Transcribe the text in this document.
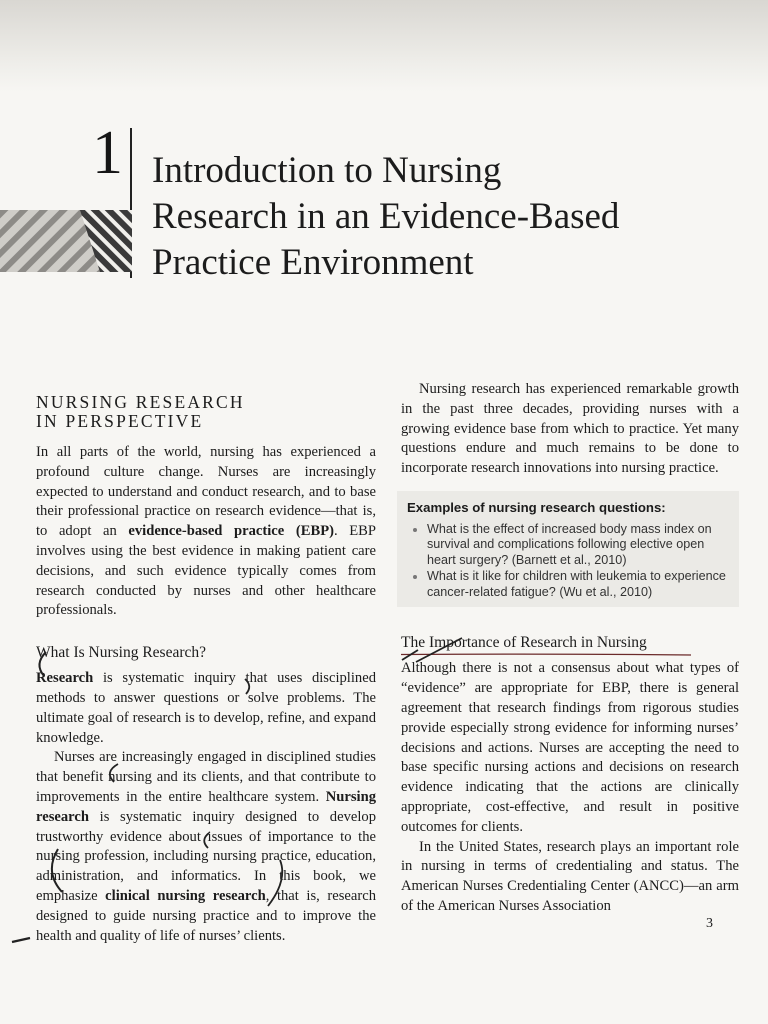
1 Introduction to Nursing
Research in an Evidence-Based
Practice Environment
NURSING RESEARCH
IN PERSPECTIVE

In all parts of the world, nursing has experienced a profound culture change. Nurses are increasingly expected to understand and conduct research, and to base their professional practice on research evidence—that is, to adopt an evidence-based practice (EBP). EBP involves using the best evidence in making patient care decisions, and such evidence typically comes from research conducted by nurses and other healthcare professionals.

What Is Nursing Research?

Research is systematic inquiry that uses disciplined methods to answer questions or solve problems. The ultimate goal of research is to develop, refine, and expand knowledge.

Nurses are increasingly engaged in disciplined studies that benefit nursing and its clients, and that contribute to improvements in the entire healthcare system. Nursing research is systematic inquiry designed to develop trustworthy evidence about issues of importance to the nursing profession, including nursing practice, education, administration, and informatics. In this book, we emphasize clinical nursing research, that is, research designed to guide nursing practice and to improve the health and quality of life of nurses’ clients.

Nursing research has experienced remarkable growth in the past three decades, providing nurses with a growing evidence base from which to practice. Yet many questions endure and much remains to be done to incorporate research innovations into nursing practice.

Examples of nursing research questions:
• What is the effect of increased body mass index on survival and complications following elective open heart surgery? (Barnett et al., 2010)
• What is it like for children with leukemia to experience cancer-related fatigue? (Wu et al., 2010)
The Importance of Research in Nursing

Although there is not a consensus about what types of “evidence” are appropriate for EBP, there is general agreement that research findings from rigorous studies provide especially strong evidence for informing nurses’ decisions and actions. Nurses are accepting the need to base specific nursing actions and decisions on research evidence indicating that the actions are clinically appropriate, cost-effective, and result in positive outcomes for clients.

In the United States, research plays an important role in nursing in terms of credentialing and status. The American Nurses Credentialing Center (ANCC)—an arm of the American Nurses Association

3
